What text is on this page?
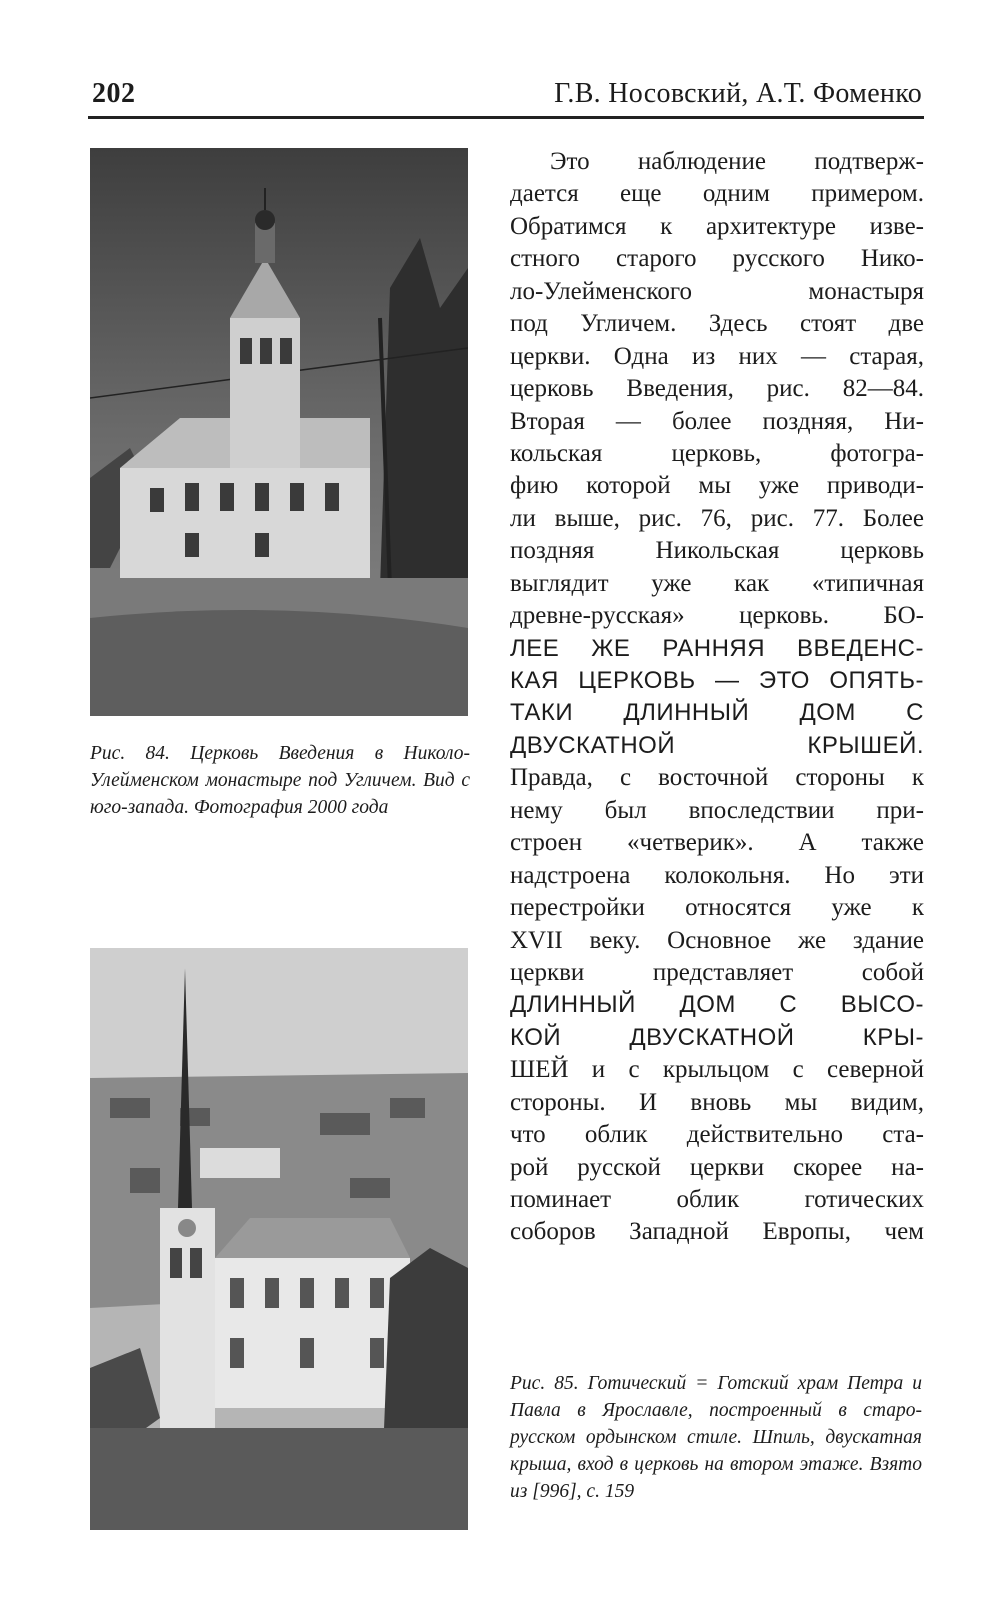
202	Г.В. Носовский, А.Т. Фоменко
Рис. 84. Церковь Введения в Николо-Улейменском монастыре под Угличем. Вид с юго-запада. Фотография 2000 года
Рис. 85. Готический = Готский храм Петра и Павла в Ярославле, построенный в старо-русском ордынском стиле. Шпиль, двускатная крыша, вход в церковь на втором этаже. Взято из [996], с. 159
Это наблюдение подтверж-
дается еще одним примером.
Обратимся к архитектуре изве-
стного старого русского Нико-
ло-Улейменского монастыря
под Угличем. Здесь стоят две
церкви. Одна из них — старая,
церковь Введения, рис. 82—84.
Вторая — более поздняя, Ни-
кольская церковь, фотогра-
фию которой мы уже приводи-
ли выше, рис. 76, рис. 77. Более
поздняя Никольская церковь
выглядит уже как «типичная
древне-русская» церковь. БО-
ЛЕЕ ЖЕ РАННЯЯ ВВЕДЕНС-
КАЯ ЦЕРКОВЬ — ЭТО ОПЯТЬ-
ТАКИ ДЛИННЫЙ ДОМ С
ДВУСКАТНОЙ КРЫШЕЙ.
Правда, с восточной стороны к
нему был впоследствии при-
строен «четверик». А также
надстроена колокольня. Но эти
перестройки относятся уже к
XVII веку. Основное же здание
церкви представляет собой
ДЛИННЫЙ ДОМ С ВЫСО-
КОЙ ДВУСКАТНОЙ КРЫ-
ШЕЙ и с крыльцом с северной
стороны. И вновь мы видим,
что облик действительно ста-
рой русской церкви скорее на-
поминает облик готических
соборов Западной Европы, чем
